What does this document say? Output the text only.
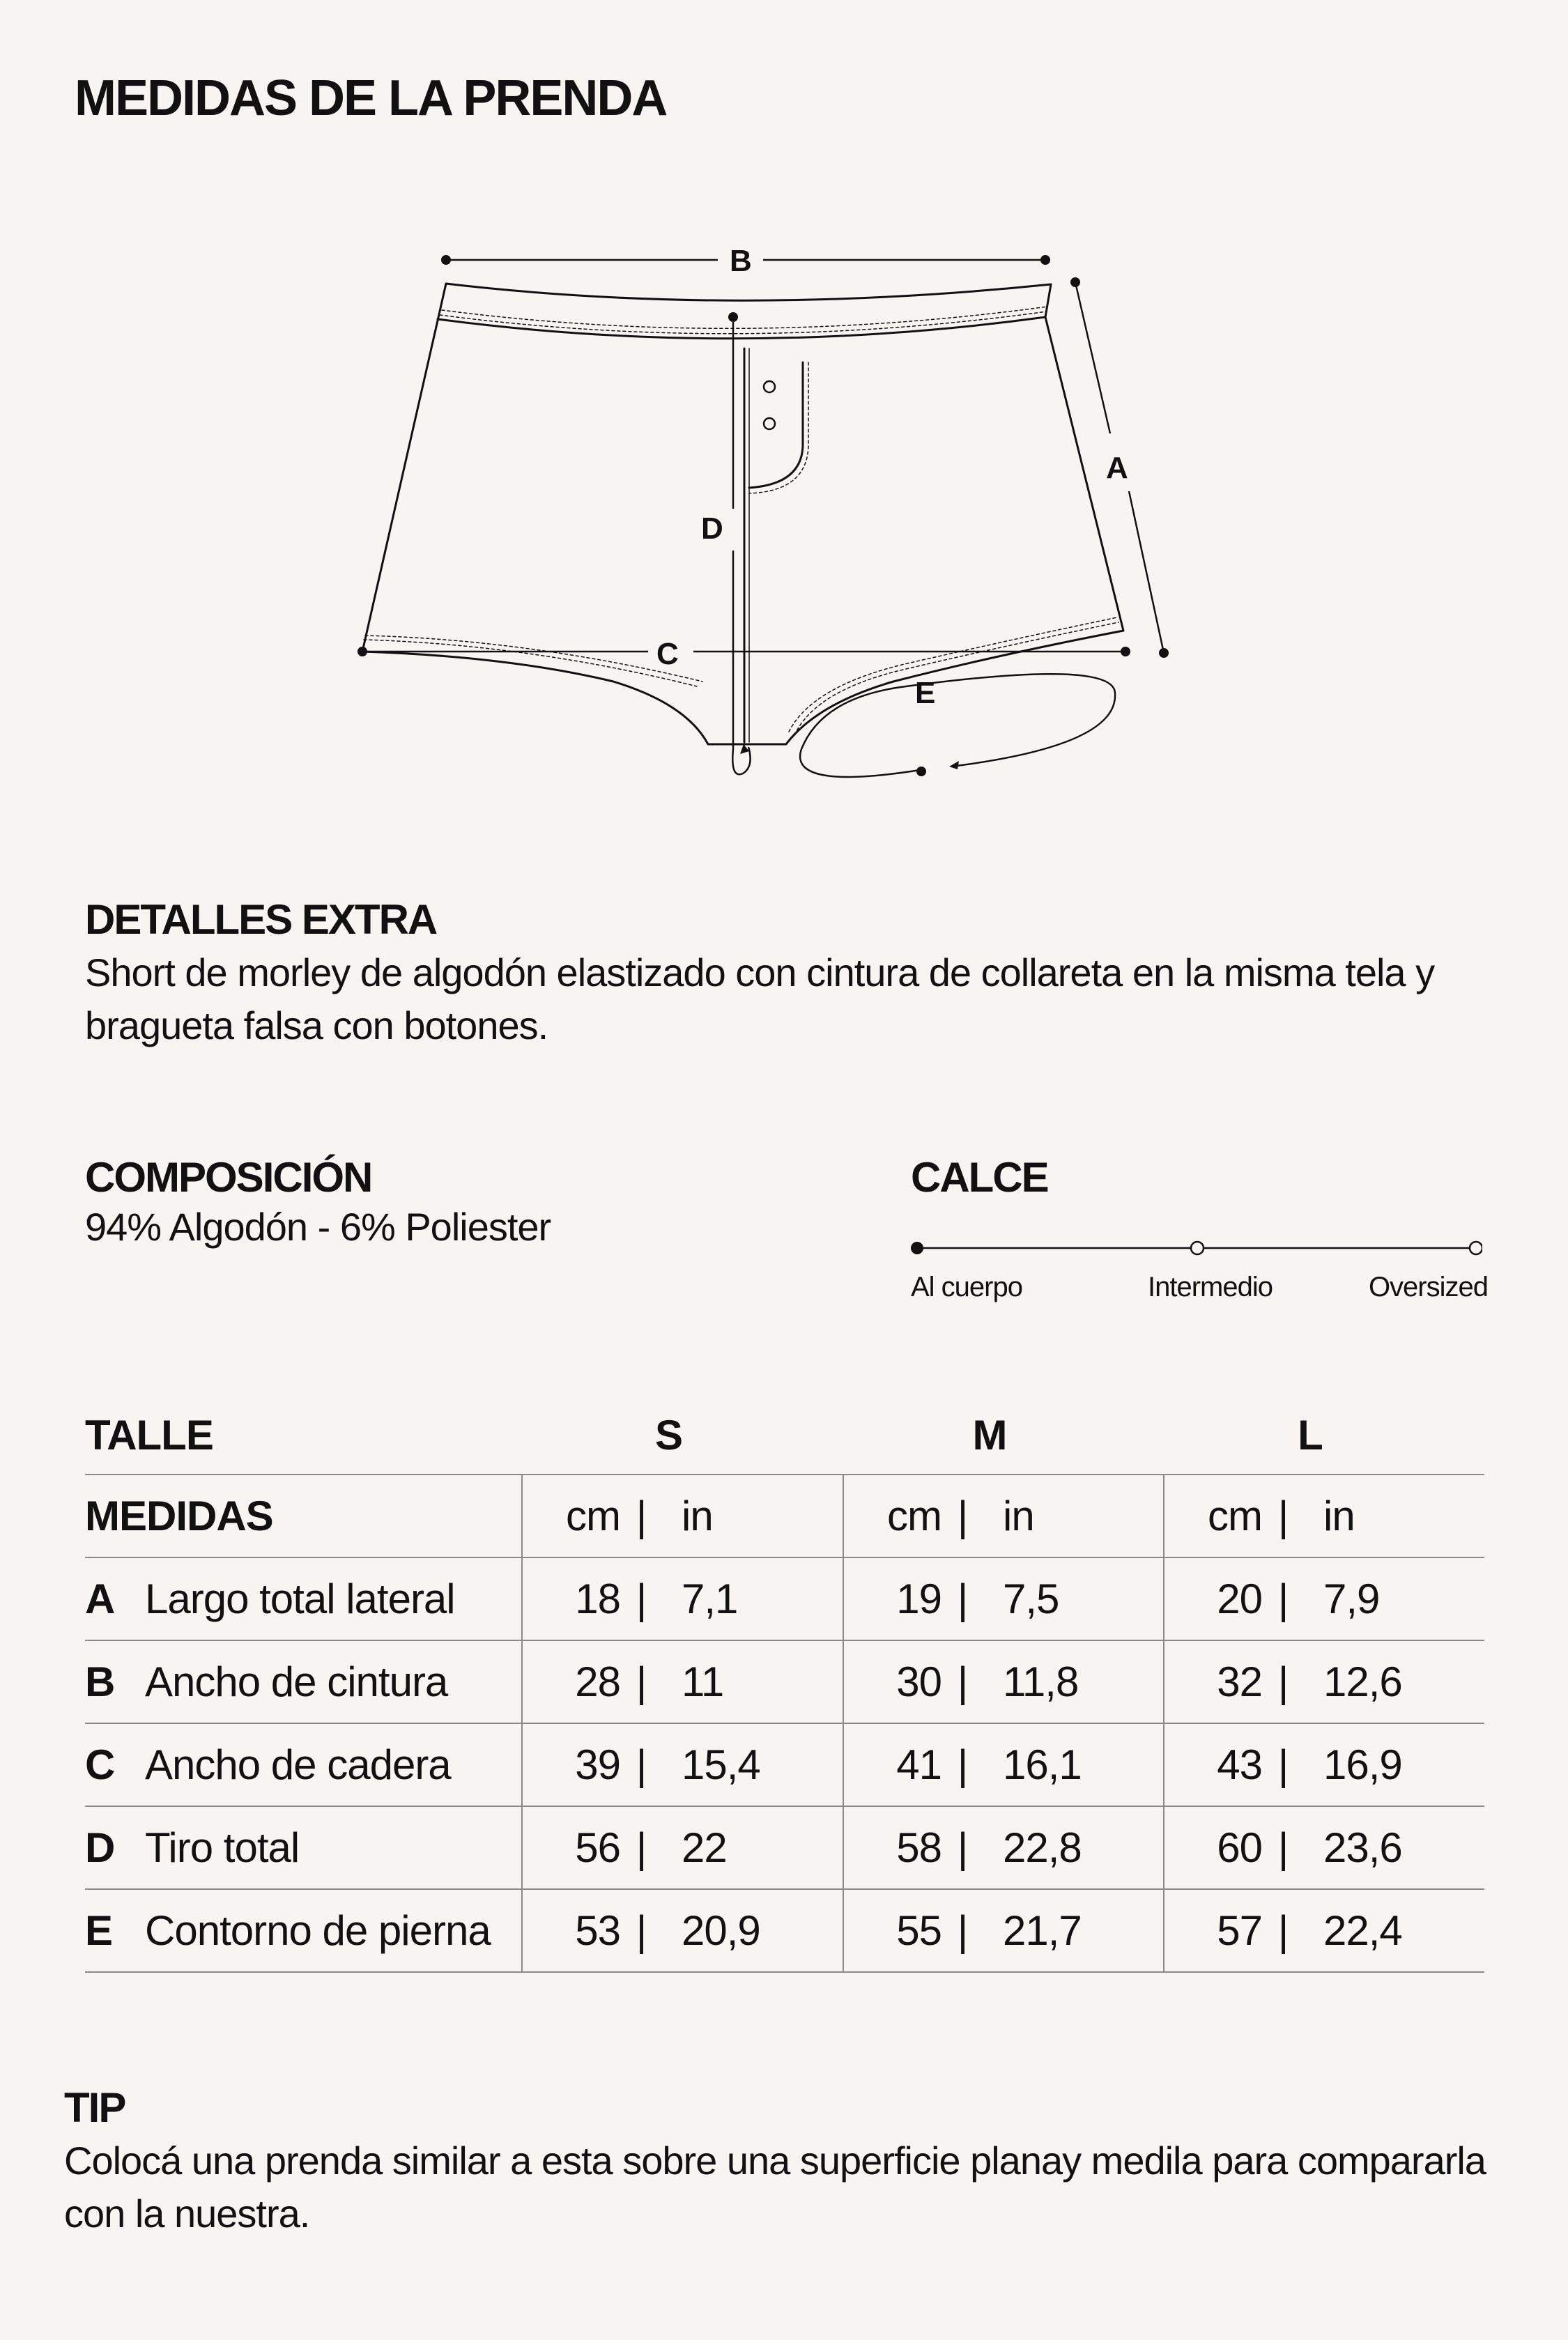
MEDIDAS DE LA PRENDA
B
A
C
D
E
DETALLES EXTRA
Short de morley de algodón elastizado con cintura de collareta en la misma tela y bragueta falsa con botones.
COMPOSICIÓN
94% Algodón - 6% Poliester
CALCE
Al cuerpo	Intermedio	Oversized
TALLE	S	M	L
MEDIDAS	cm | in	cm | in	cm | in

A Largo total lateral	18 | 7,1	19 | 7,5	20 | 7,9

B Ancho de cintura	28 | 11	30 | 11,8	32 | 12,6

C Ancho de cadera	39 | 15,4	41 | 16,1	43 | 16,9

D Tiro total	56 | 22	58 | 22,8	60 | 23,6

E Contorno de pierna	53 | 20,9	55 | 21,7	57 | 22,4
TIP
Colocá una prenda similar a esta sobre una superficie planay medila para compararla con la nuestra.
